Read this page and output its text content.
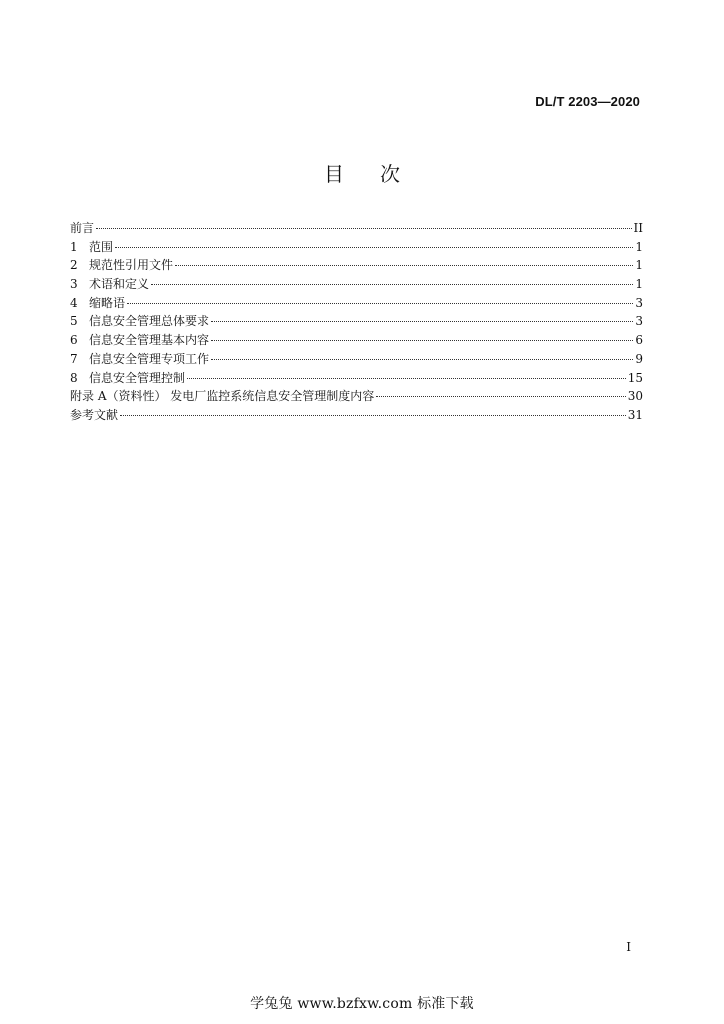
DL/T 2203—2020
目次
前言	II
1 范围	1
2 规范性引用文件	1
3 术语和定义	1
4 缩略语	3
5 信息安全管理总体要求	3
6 信息安全管理基本内容	6
7 信息安全管理专项工作	9
8 信息安全管理控制	15
附录 A（资料性） 发电厂监控系统信息安全管理制度内容	30
参考文献	31
I
学兔兔 www.bzfxw.com 标准下载
